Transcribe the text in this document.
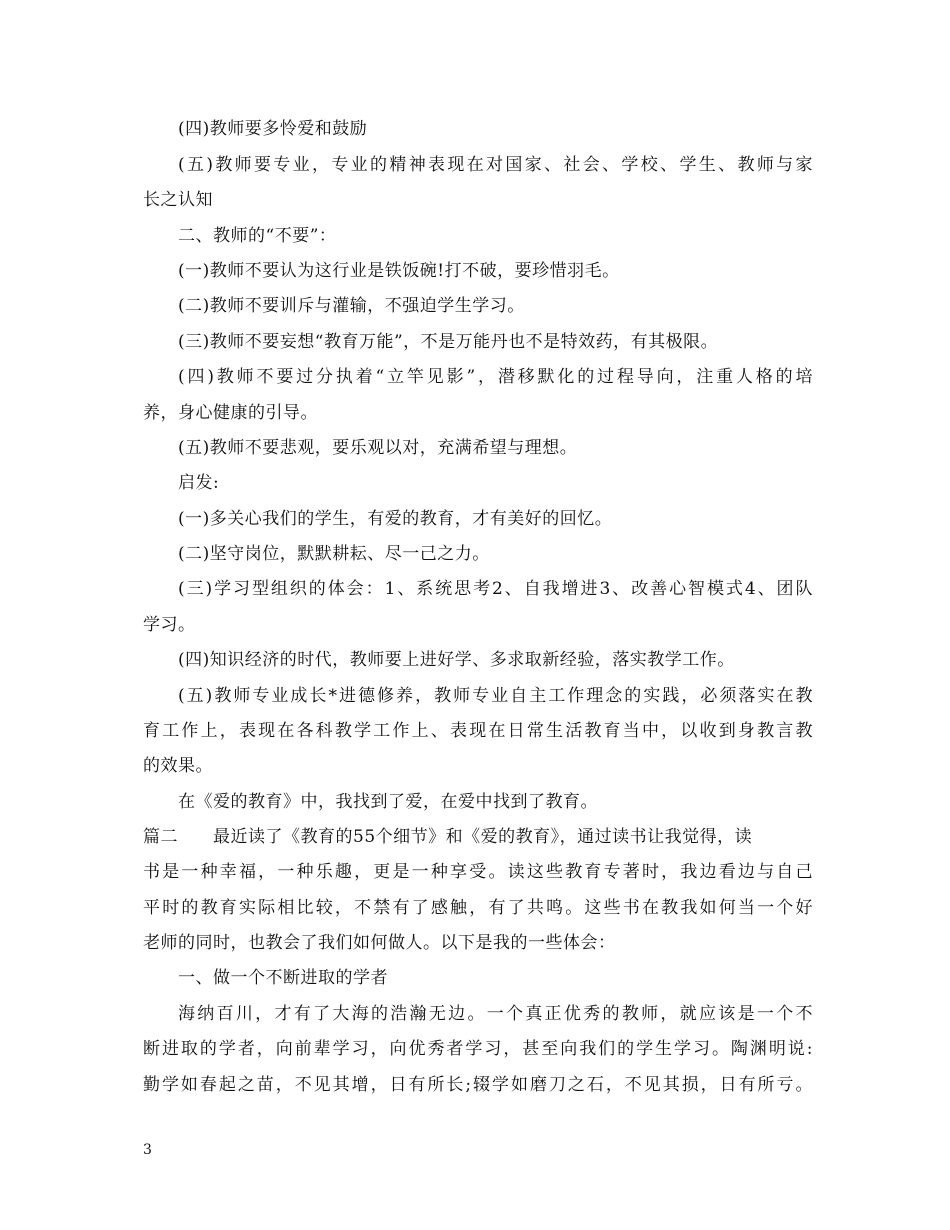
(四)教师要多怜爱和鼓励
(五)教师要专业，专业的精神表现在对国家、社会、学校、学生、教师与家
长之认知
二、教师的“不要”：
(一)教师不要认为这行业是铁饭碗!打不破，要珍惜羽毛。
(二)教师不要训斥与灌输，不强迫学生学习。
(三)教师不要妄想“教育万能”，不是万能丹也不是特效药，有其极限。
(四)教师不要过分执着“立竿见影”，潜移默化的过程导向，注重人格的培
养，身心健康的引导。
(五)教师不要悲观，要乐观以对，充满希望与理想。
启发:
(一)多关心我们的学生，有爱的教育，才有美好的回忆。
(二)坚守岗位，默默耕耘、尽一己之力。
(三)学习型组织的体会：1、系统思考2、自我增进3、改善心智模式4、团队
学习。
(四)知识经济的时代，教师要上进好学、多求取新经验，落实教学工作。
(五)教师专业成长*进德修养，教师专业自主工作理念的实践，必须落实在教
育工作上，表现在各科教学工作上、表现在日常生活教育当中，以收到身教言教
的效果。
在《爱的教育》中，我找到了爱，在爱中找到了教育。
篇二 最近读了《教育的55个细节》和《爱的教育》，通过读书让我觉得，读
书是一种幸福，一种乐趣，更是一种享受。读这些教育专著时，我边看边与自己
平时的教育实际相比较，不禁有了感触，有了共鸣。这些书在教我如何当一个好
老师的同时，也教会了我们如何做人。以下是我的一些体会：
一、做一个不断进取的学者
海纳百川，才有了大海的浩瀚无边。一个真正优秀的教师，就应该是一个不
断进取的学者，向前辈学习，向优秀者学习，甚至向我们的学生学习。陶渊明说:
勤学如春起之苗，不见其增，日有所长;辍学如磨刀之石，不见其损，日有所亏。
3
